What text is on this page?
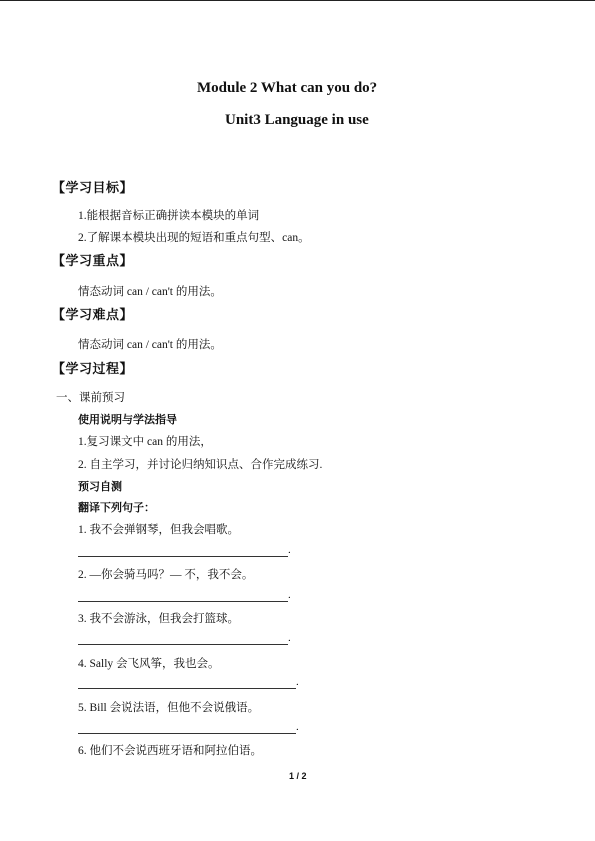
Module 2 What can you do?
Unit3 Language in use
【学习目标】
1.能根据音标正确拼读本模块的单词
2.了解课本模块出现的短语和重点句型、can。
【学习重点】
情态动词 can / can't 的用法。
【学习难点】
情态动词 can / can't 的用法。
【学习过程】
一、课前预习
使用说明与学法指导
1.复习课文中 can 的用法，
2. 自主学习，并讨论归纳知识点、合作完成练习.
预习自测
翻译下列句子：
1. 我不会弹钢琴，但我会唱歌。
.
2. —你会骑马吗？— 不，我不会。
.
3. 我不会游泳，但我会打篮球。
.
4. Sally 会飞风筝，我也会。
.
5. Bill 会说法语，但他不会说俄语。
.
6. 他们不会说西班牙语和阿拉伯语。
1 / 2
